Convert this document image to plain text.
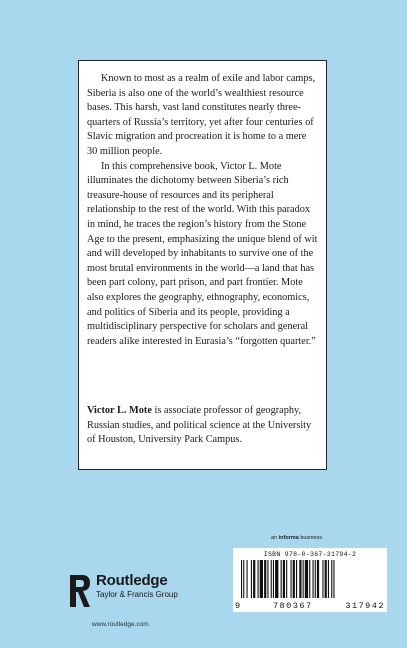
Known to most as a realm of exile and labor camps, Siberia is also one of the world’s wealthiest resource bases. This harsh, vast land constitutes nearly three-quarters of Russia’s territory, yet after four centuries of Slavic migration and procreation it is home to a mere 30 million people.

In this comprehensive book, Victor L. Mote illuminates the dichotomy between Siberia’s rich treasure-house of resources and its peripheral relationship to the rest of the world. With this paradox in mind, he traces the region’s history from the Stone Age to the present, emphasizing the unique blend of wit and will developed by inhabitants to survive one of the most brutal environments in the world—a land that has been part colony, part prison, and part frontier. Mote also explores the geography, ethnography, economics, and politics of Siberia and its people, providing a multidisciplinary perspective for scholars and general readers alike interested in Eurasia’s “forgotten quarter.”

Victor L. Mote is associate professor of geography, Russian studies, and political science at the University of Houston, University Park Campus.
an informa business
ISBN 978-0-367-31794-2
9	780367	317942
Routledge
Taylor & Francis Group
www.routledge.com
